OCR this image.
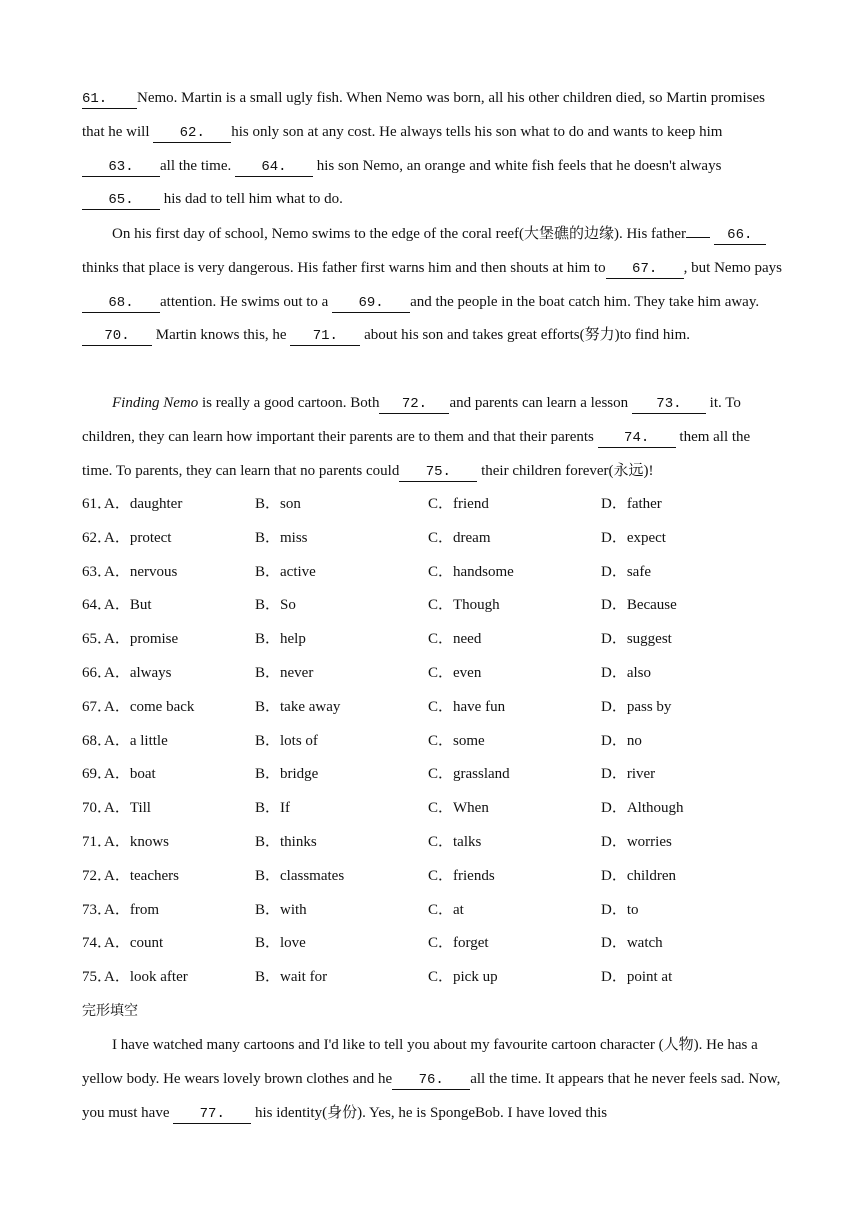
61. Nemo. Martin is a small ugly fish. When Nemo was born, all his other children died, so Martin promises that he will 62. his only son at any cost. He always tells his son what to do and wants to keep him 63. all the time. 64. his son Nemo, an orange and white fish feels that he doesn't always 65. his dad to tell him what to do.

On his first day of school, Nemo swims to the edge of the coral reef(大堡礁的边缘). His father	66.thinks that place is very dangerous. His father first warns him and then shouts at him to 67. , but Nemo pays 68. attention. He swims out to a 69. and the people in the boat catch him. They take him away. 70. Martin knows this, he 71. about his son and takes great efforts(努力)to find him.

Finding Nemo is really a good cartoon. Both 72. and parents can learn a lesson 73. it. To children, they can learn how important their parents are to them and that their parents 74. them all the time. To parents, they can learn that no parents could 75. their children forever(永远)!

61．
A．daughter	B．son	C．friend	D．father
62．
A．protect	B．miss	C．dream	D．expect
63．
A．nervous	B．active	C．handsome	D．safe
64．
A．But	B．So	C．Though	D．Because
65．
A．promise	B．help	C．need	D．suggest
66．
A．always	B．never	C．even	D．also
67．
A．come back	B．take away	C．have fun	D．pass by
68．
A．a little	B．lots of	C．some	D．no
69．
A．boat	B．bridge	C．grassland	D．river
70．
A．Till	B．If	C．When	D．Although
71．
A．knows	B．thinks	C．talks	D．worries
72．
A．teachers	B．classmates	C．friends	D．children
73．
A．from	B．with	C．at	D．to
74．
A．count	B．love	C．forget	D．watch
75．
A．look after	B．wait for	C．pick up	D．point at
完形填空

I have watched many cartoons and I'd like to tell you about my favourite cartoon character (人物). He has a yellow body. He wears lovely brown clothes and he 76. all the time. It appears that he never feels sad. Now, you must have 77. his identity(身份). Yes, he is SpongeBob. I have loved this
